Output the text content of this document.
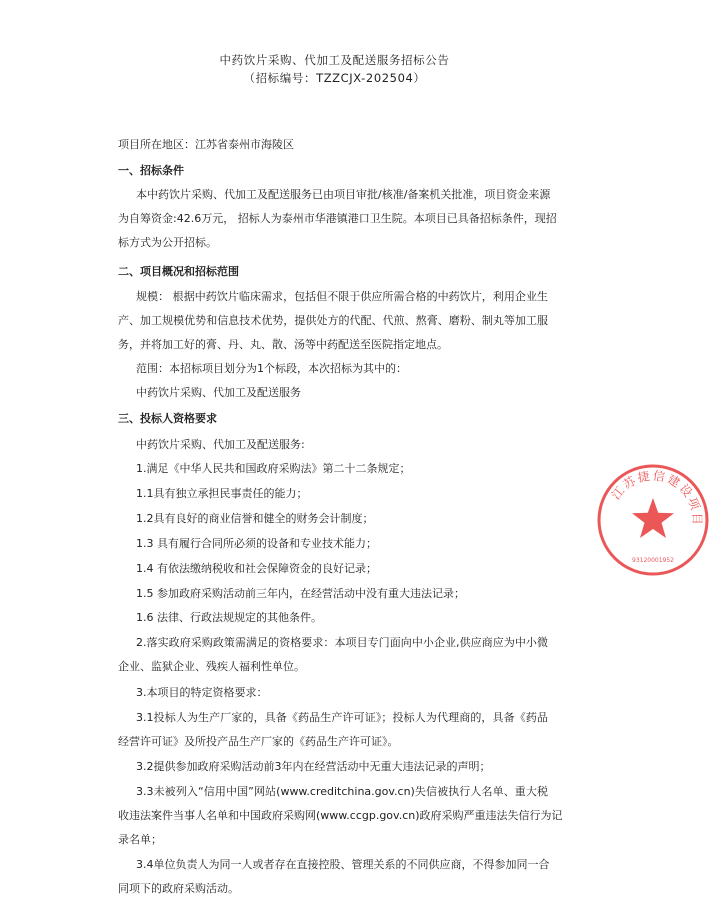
中药饮片采购、代加工及配送服务招标公告
（招标编号：TZZCJX-202504）
项目所在地区：江苏省泰州市海陵区
一、招标条件
本中药饮片采购、代加工及配送服务已由项目审批/核准/备案机关批准，项目资金来源
为自筹资金:42.6万元， 招标人为泰州市华港镇港口卫生院。本项目已具备招标条件，现招
标方式为公开招标。
二、项目概况和招标范围
规模： 根据中药饮片临床需求，包括但不限于供应所需合格的中药饮片，利用企业生
产、加工规模优势和信息技术优势，提供处方的代配、代煎、熬膏、磨粉、制丸等加工服
务，并将加工好的膏、丹、丸、散、汤等中药配送至医院指定地点。
范围：本招标项目划分为1个标段，本次招标为其中的：
中药饮片采购、代加工及配送服务
三、投标人资格要求
中药饮片采购、代加工及配送服务:
1.满足《中华人民共和国政府采购法》第二十二条规定；
1.1具有独立承担民事责任的能力；
1.2具有良好的商业信誉和健全的财务会计制度；
1.3 具有履行合同所必须的设备和专业技术能力；
1.4 有依法缴纳税收和社会保障资金的良好记录；
1.5 参加政府采购活动前三年内，在经营活动中没有重大违法记录；
1.6 法律、行政法规规定的其他条件。
2.落实政府采购政策需满足的资格要求：本项目专门面向中小企业,供应商应为中小微
企业、监狱企业、残疾人福利性单位。
3.本项目的特定资格要求：
3.1投标人为生产厂家的，具备《药品生产许可证》；投标人为代理商的，具备《药品
经营许可证》及所投产品生产厂家的《药品生产许可证》。
3.2提供参加政府采购活动前3年内在经营活动中无重大违法记录的声明；
3.3未被列入“信用中国”网站(www.creditchina.gov.cn)失信被执行人名单、重大税
收违法案件当事人名单和中国政府采购网(www.ccgp.gov.cn)政府采购严重违法失信行为记
录名单；
3.4单位负责人为同一人或者存在直接控股、管理关系的不同供应商，不得参加同一合
同项下的政府采购活动。
江苏捷信建设项目
93120001952
